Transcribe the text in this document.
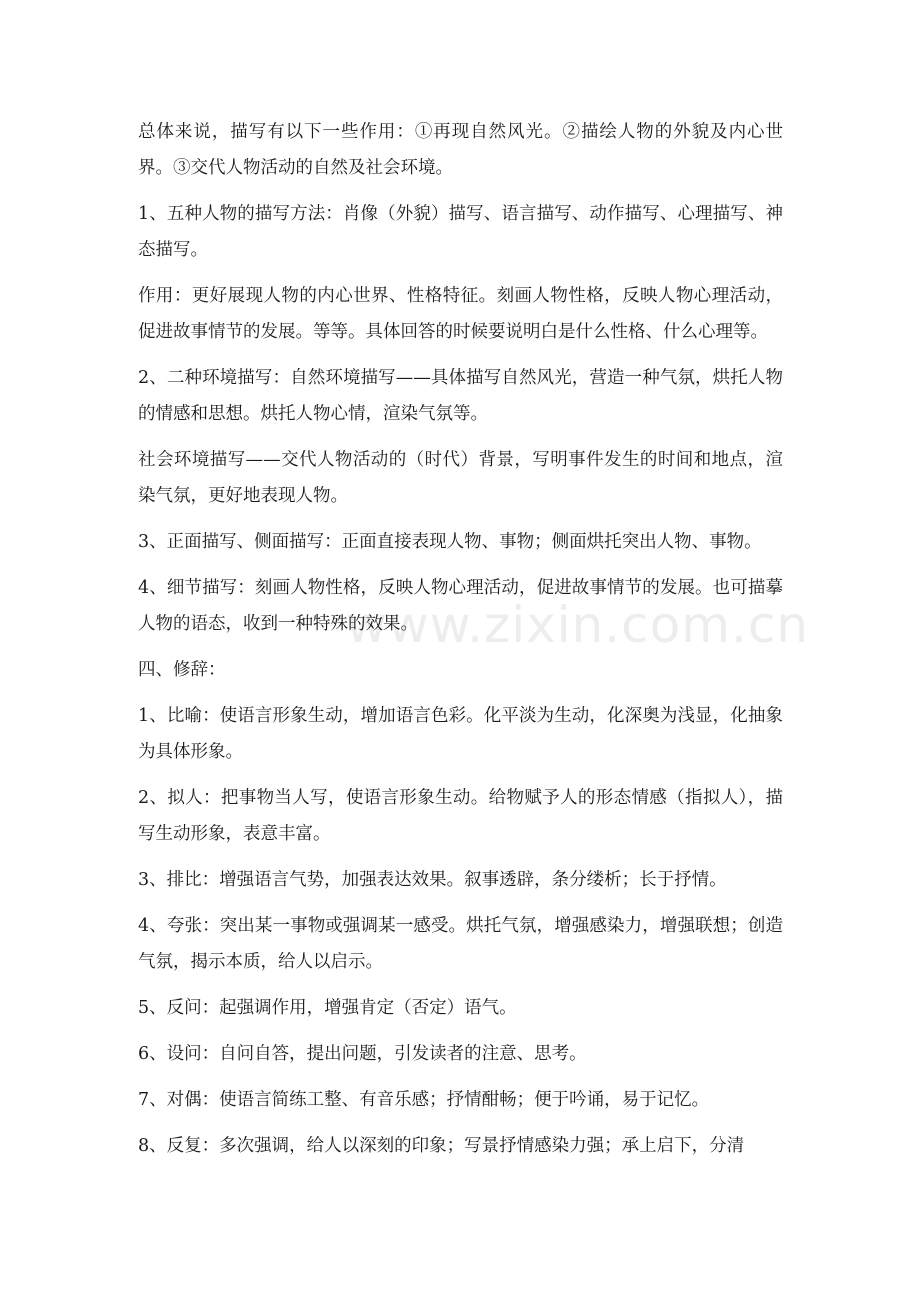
www.zixin.com.cn

总体来说，描写有以下一些作用：①再现自然风光。②描绘人物的外貌及内心世界。③交代人物活动的自然及社会环境。

1、五种人物的描写方法：肖像（外貌）描写、语言描写、动作描写、心理描写、神态描写。

作用：更好展现人物的内心世界、性格特征。刻画人物性格，反映人物心理活动，促进故事情节的发展。等等。具体回答的时候要说明白是什么性格、什么心理等。

2、二种环境描写：自然环境描写——具体描写自然风光，营造一种气氛，烘托人物的情感和思想。烘托人物心情，渲染气氛等。

社会环境描写——交代人物活动的（时代）背景，写明事件发生的时间和地点，渲染气氛，更好地表现人物。

3、正面描写、侧面描写：正面直接表现人物、事物；侧面烘托突出人物、事物。

4、细节描写：刻画人物性格，反映人物心理活动，促进故事情节的发展。也可描摹人物的语态，收到一种特殊的效果。

四、修辞：

1、比喻：使语言形象生动，增加语言色彩。化平淡为生动，化深奥为浅显，化抽象为具体形象。

2、拟人：把事物当人写，使语言形象生动。给物赋予人的形态情感（指拟人），描写生动形象，表意丰富。

3、排比：增强语言气势，加强表达效果。叙事透辟，条分缕析；长于抒情。

4、夸张：突出某一事物或强调某一感受。烘托气氛，增强感染力，增强联想；创造气氛，揭示本质，给人以启示。

5、反问：起强调作用，增强肯定（否定）语气。

6、设问：自问自答，提出问题，引发读者的注意、思考。

7、对偶：使语言简练工整、有音乐感；抒情酣畅；便于吟诵，易于记忆。

8、反复：多次强调，给人以深刻的印象；写景抒情感染力强；承上启下，分清
